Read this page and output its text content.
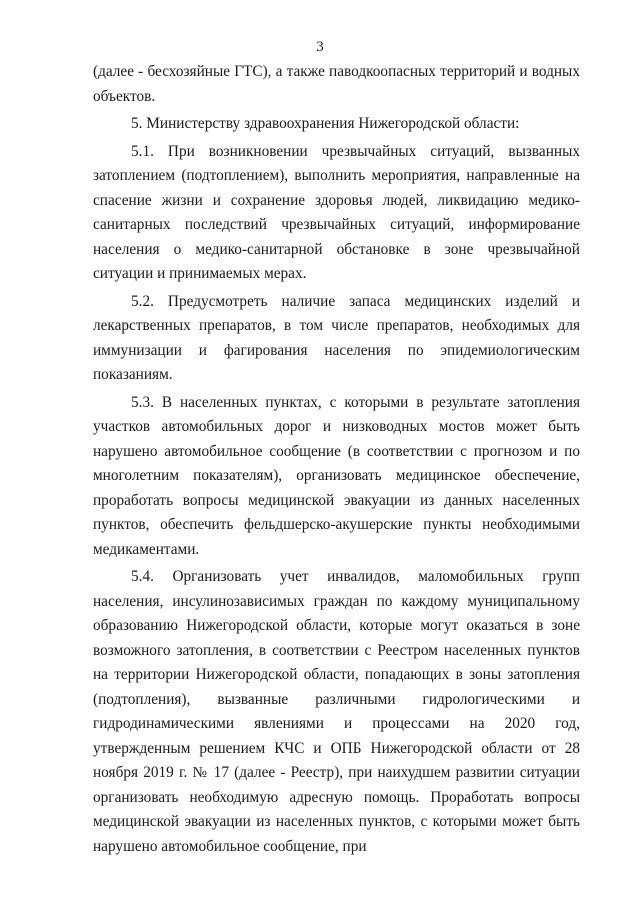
3

(далее - бесхозяйные ГТС), а также паводкоопасных территорий и водных объектов.

5. Министерству здравоохранения Нижегородской области:

5.1. При возникновении чрезвычайных ситуаций, вызванных затоплением (подтоплением), выполнить мероприятия, направленные на спасение жизни и сохранение здоровья людей, ликвидацию медико-санитарных последствий чрезвычайных ситуаций, информирование населения о медико-санитарной обстановке в зоне чрезвычайной ситуации и принимаемых мерах.

5.2. Предусмотреть наличие запаса медицинских изделий и лекарственных препаратов, в том числе препаратов, необходимых для иммунизации и фагирования населения по эпидемиологическим показаниям.

5.3. В населенных пунктах, с которыми в результате затопления участков автомобильных дорог и низководных мостов может быть нарушено автомобильное сообщение (в соответствии с прогнозом и по многолетним показателям), организовать медицинское обеспечение, проработать вопросы медицинской эвакуации из данных населенных пунктов, обеспечить фельдшерско-акушерские пункты необходимыми медикаментами.

5.4. Организовать учет инвалидов, маломобильных групп населения, инсулинозависимых граждан по каждому муниципальному образованию Нижегородской области, которые могут оказаться в зоне возможного затопления, в соответствии с Реестром населенных пунктов на территории Нижегородской области, попадающих в зоны затопления (подтопления), вызванные различными гидрологическими и гидродинамическими явлениями и процессами на 2020 год, утвержденным решением КЧС и ОПБ Нижегородской области от 28 ноября 2019 г. № 17 (далее - Реестр), при наихудшем развитии ситуации организовать необходимую адресную помощь. Проработать вопросы медицинской эвакуации из населенных пунктов, с которыми может быть нарушено автомобильное сообщение, при
